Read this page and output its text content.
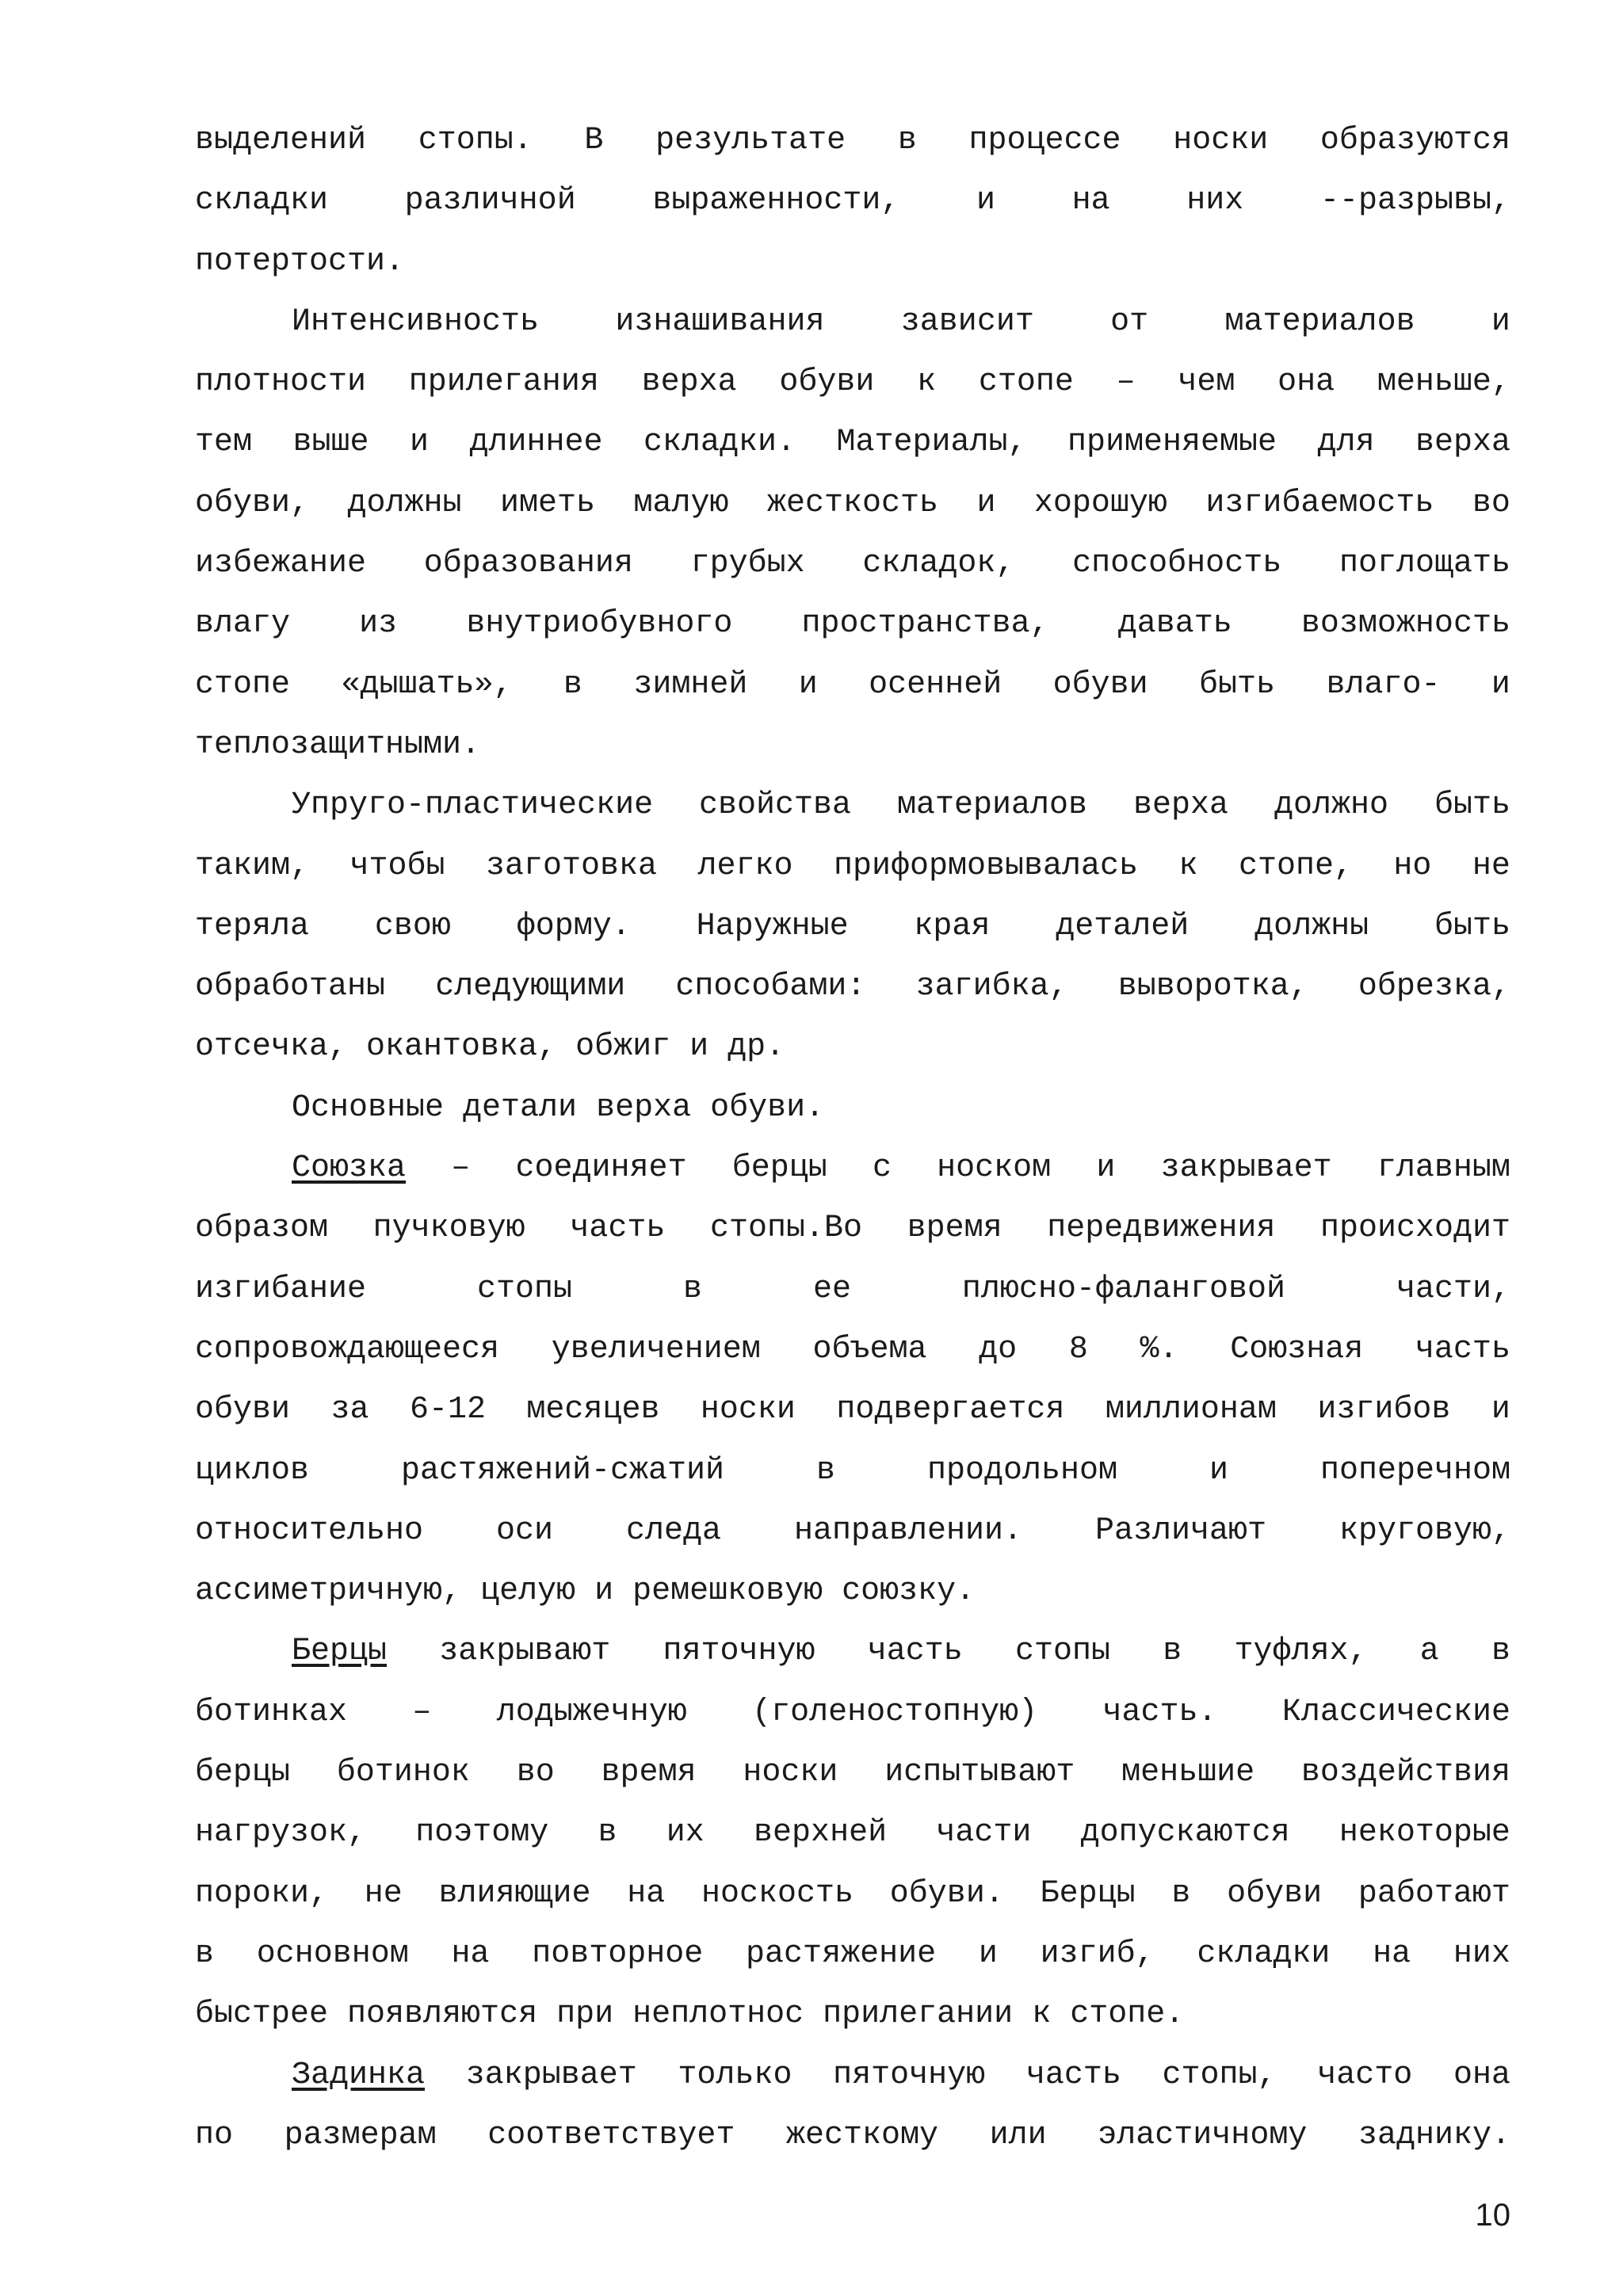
выделений стопы. В результате в процессе носки образуются
складки различной выраженности, и на них --разрывы,
потертости.
Интенсивность изнашивания зависит от материалов и
плотности прилегания верха обуви к стопе – чем она меньше,
тем выше и длиннее складки. Материалы, применяемые для верха
обуви, должны иметь малую жесткость и хорошую изгибаемость во
избежание образования грубых складок, способность поглощать
влагу из внутриобувного пространства, давать возможность
стопе «дышать», в зимней и осенней обуви быть влаго- и
теплозащитными.
Упруго-пластические свойства материалов верха должно быть
таким, чтобы заготовка легко приформовывалась к стопе, но не
теряла свою форму. Наружные края деталей должны быть
обработаны следующими способами: загибка, выворотка, обрезка,
отсечка, окантовка, обжиг и др.
Основные детали верха обуви.
Союзка – соединяет берцы с носком и закрывает главным
образом пучковую часть стопы.Во время передвижения происходит
изгибание	стопы	в	ее	плюсно-фаланговой	части,
сопровождающееся увеличением объема до 8 %. Союзная часть
обуви за 6-12 месяцев носки подвергается миллионам изгибов и
циклов	растяжений-сжатий	в	продольном	и	поперечном
относительно оси следа направлении. Различают круговую,
ассиметричную, целую и ремешковую союзку.
Берцы закрывают пяточную часть стопы в туфлях, а в
ботинках – лодыжечную (голеностопную) часть. Классические
берцы ботинок во время носки испытывают меньшие воздействия
нагрузок, поэтому в их верхней части допускаются некоторые
пороки, не влияющие на носкость обуви. Берцы в обуви работают
в основном на повторное растяжение и изгиб, складки на них
быстрее появляются при неплотнос прилегании к стопе.
Задинка закрывает только пяточную часть стопы, часто она
по размерам соответствует жесткому или эластичному заднику.
10
